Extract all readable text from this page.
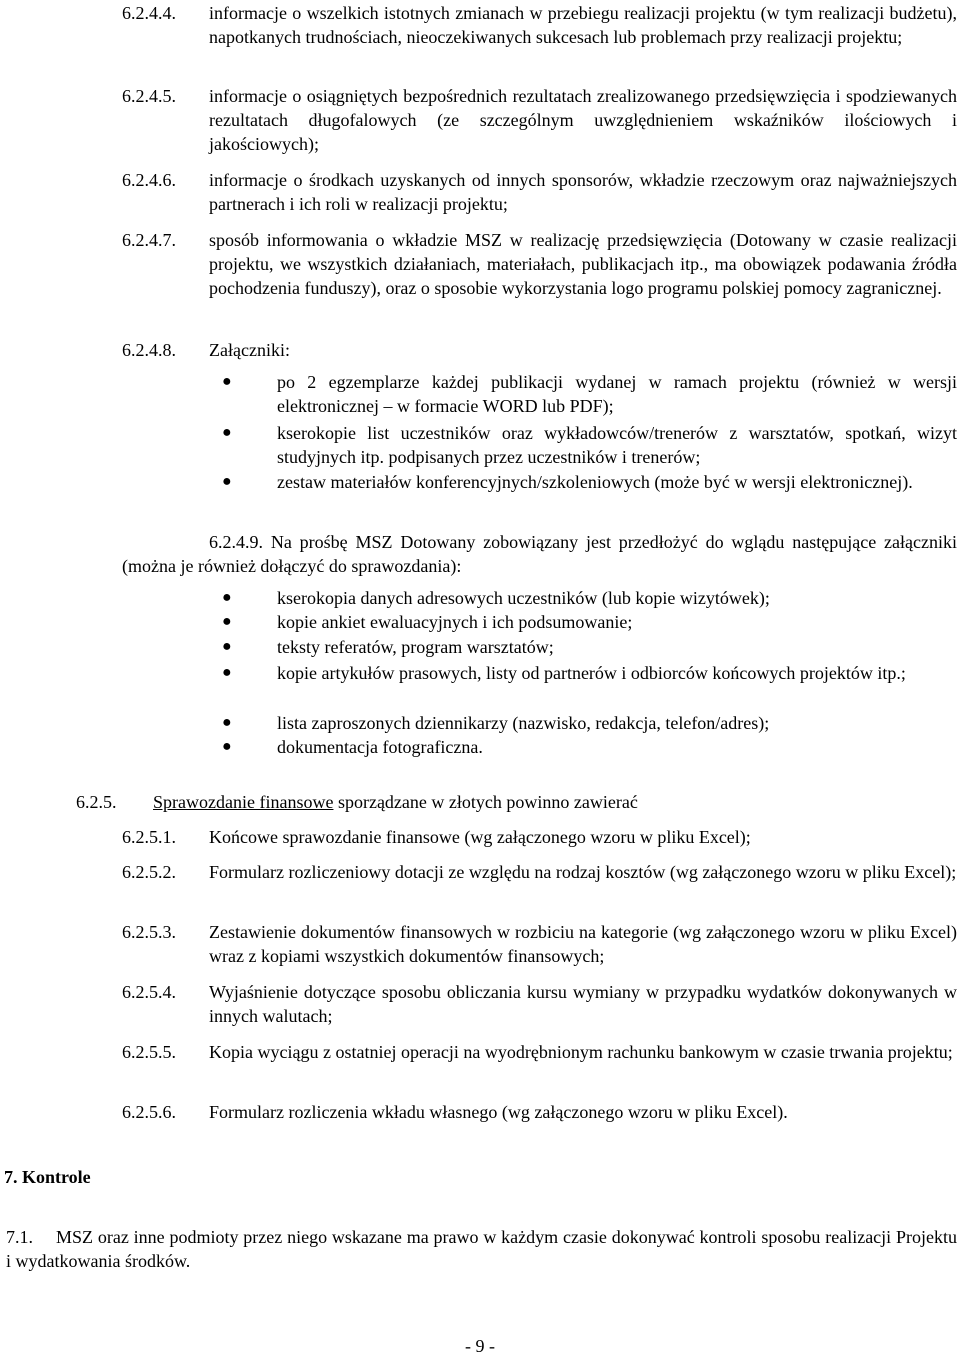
6.2.4.4. informacje o wszelkich istotnych zmianach w przebiegu realizacji projektu (w tym realizacji budżetu), napotkanych trudnościach, nieoczekiwanych sukcesach lub problemach przy realizacji projektu;
6.2.4.5. informacje o osiągniętych bezpośrednich rezultatach zrealizowanego przedsięwzięcia i spodziewanych rezultatach długofalowych (ze szczególnym uwzględnieniem wskaźników ilościowych i jakościowych);
6.2.4.6. informacje o środkach uzyskanych od innych sponsorów, wkładzie rzeczowym oraz najważniejszych partnerach i ich roli w realizacji projektu;
6.2.4.7. sposób informowania o wkładzie MSZ w realizację przedsięwzięcia (Dotowany w czasie realizacji projektu, we wszystkich działaniach, materiałach, publikacjach itp., ma obowiązek podawania źródła pochodzenia funduszy), oraz o sposobie wykorzystania logo programu polskiej pomocy zagranicznej.
6.2.4.8. Załączniki:
●	po 2 egzemplarze każdej publikacji wydanej w ramach projektu (również w wersji elektronicznej – w formacie WORD lub PDF);
●	kserokopie list uczestników oraz wykładowców/trenerów z warsztatów, spotkań, wizyt studyjnych itp. podpisanych przez uczestników i trenerów;
●	zestaw materiałów konferencyjnych/szkoleniowych (może być w wersji elektronicznej).
6.2.4.9. Na prośbę MSZ Dotowany zobowiązany jest przedłożyć do wglądu następujące załączniki (można je również dołączyć do sprawozdania):
●	kserokopia danych adresowych uczestników (lub kopie wizytówek);
●	kopie ankiet ewaluacyjnych i ich podsumowanie;
●	teksty referatów, program warsztatów;
●	kopie artykułów prasowych, listy od partnerów i odbiorców końcowych projektów itp.;
●	lista zaproszonych dziennikarzy (nazwisko, redakcja, telefon/adres);
●	dokumentacja fotograficzna.
6.2.5. Sprawozdanie finansowe sporządzane w złotych powinno zawierać
6.2.5.1. Końcowe sprawozdanie finansowe (wg załączonego wzoru w pliku Excel);
6.2.5.2. Formularz rozliczeniowy dotacji ze względu na rodzaj kosztów (wg załączonego wzoru w pliku Excel);
6.2.5.3. Zestawienie dokumentów finansowych w rozbiciu na kategorie (wg załączonego wzoru w pliku Excel) wraz z kopiami wszystkich dokumentów finansowych;
6.2.5.4. Wyjaśnienie dotyczące sposobu obliczania kursu wymiany w przypadku wydatków dokonywanych w innych walutach;
6.2.5.5. Kopia wyciągu z ostatniej operacji na wyodrębnionym rachunku bankowym w czasie trwania projektu;
6.2.5.6. Formularz rozliczenia wkładu własnego (wg załączonego wzoru w pliku Excel).
7. Kontrole
7.1. MSZ oraz inne podmioty przez niego wskazane ma prawo w każdym czasie dokonywać kontroli sposobu realizacji Projektu i wydatkowania środków.
- 9 -
